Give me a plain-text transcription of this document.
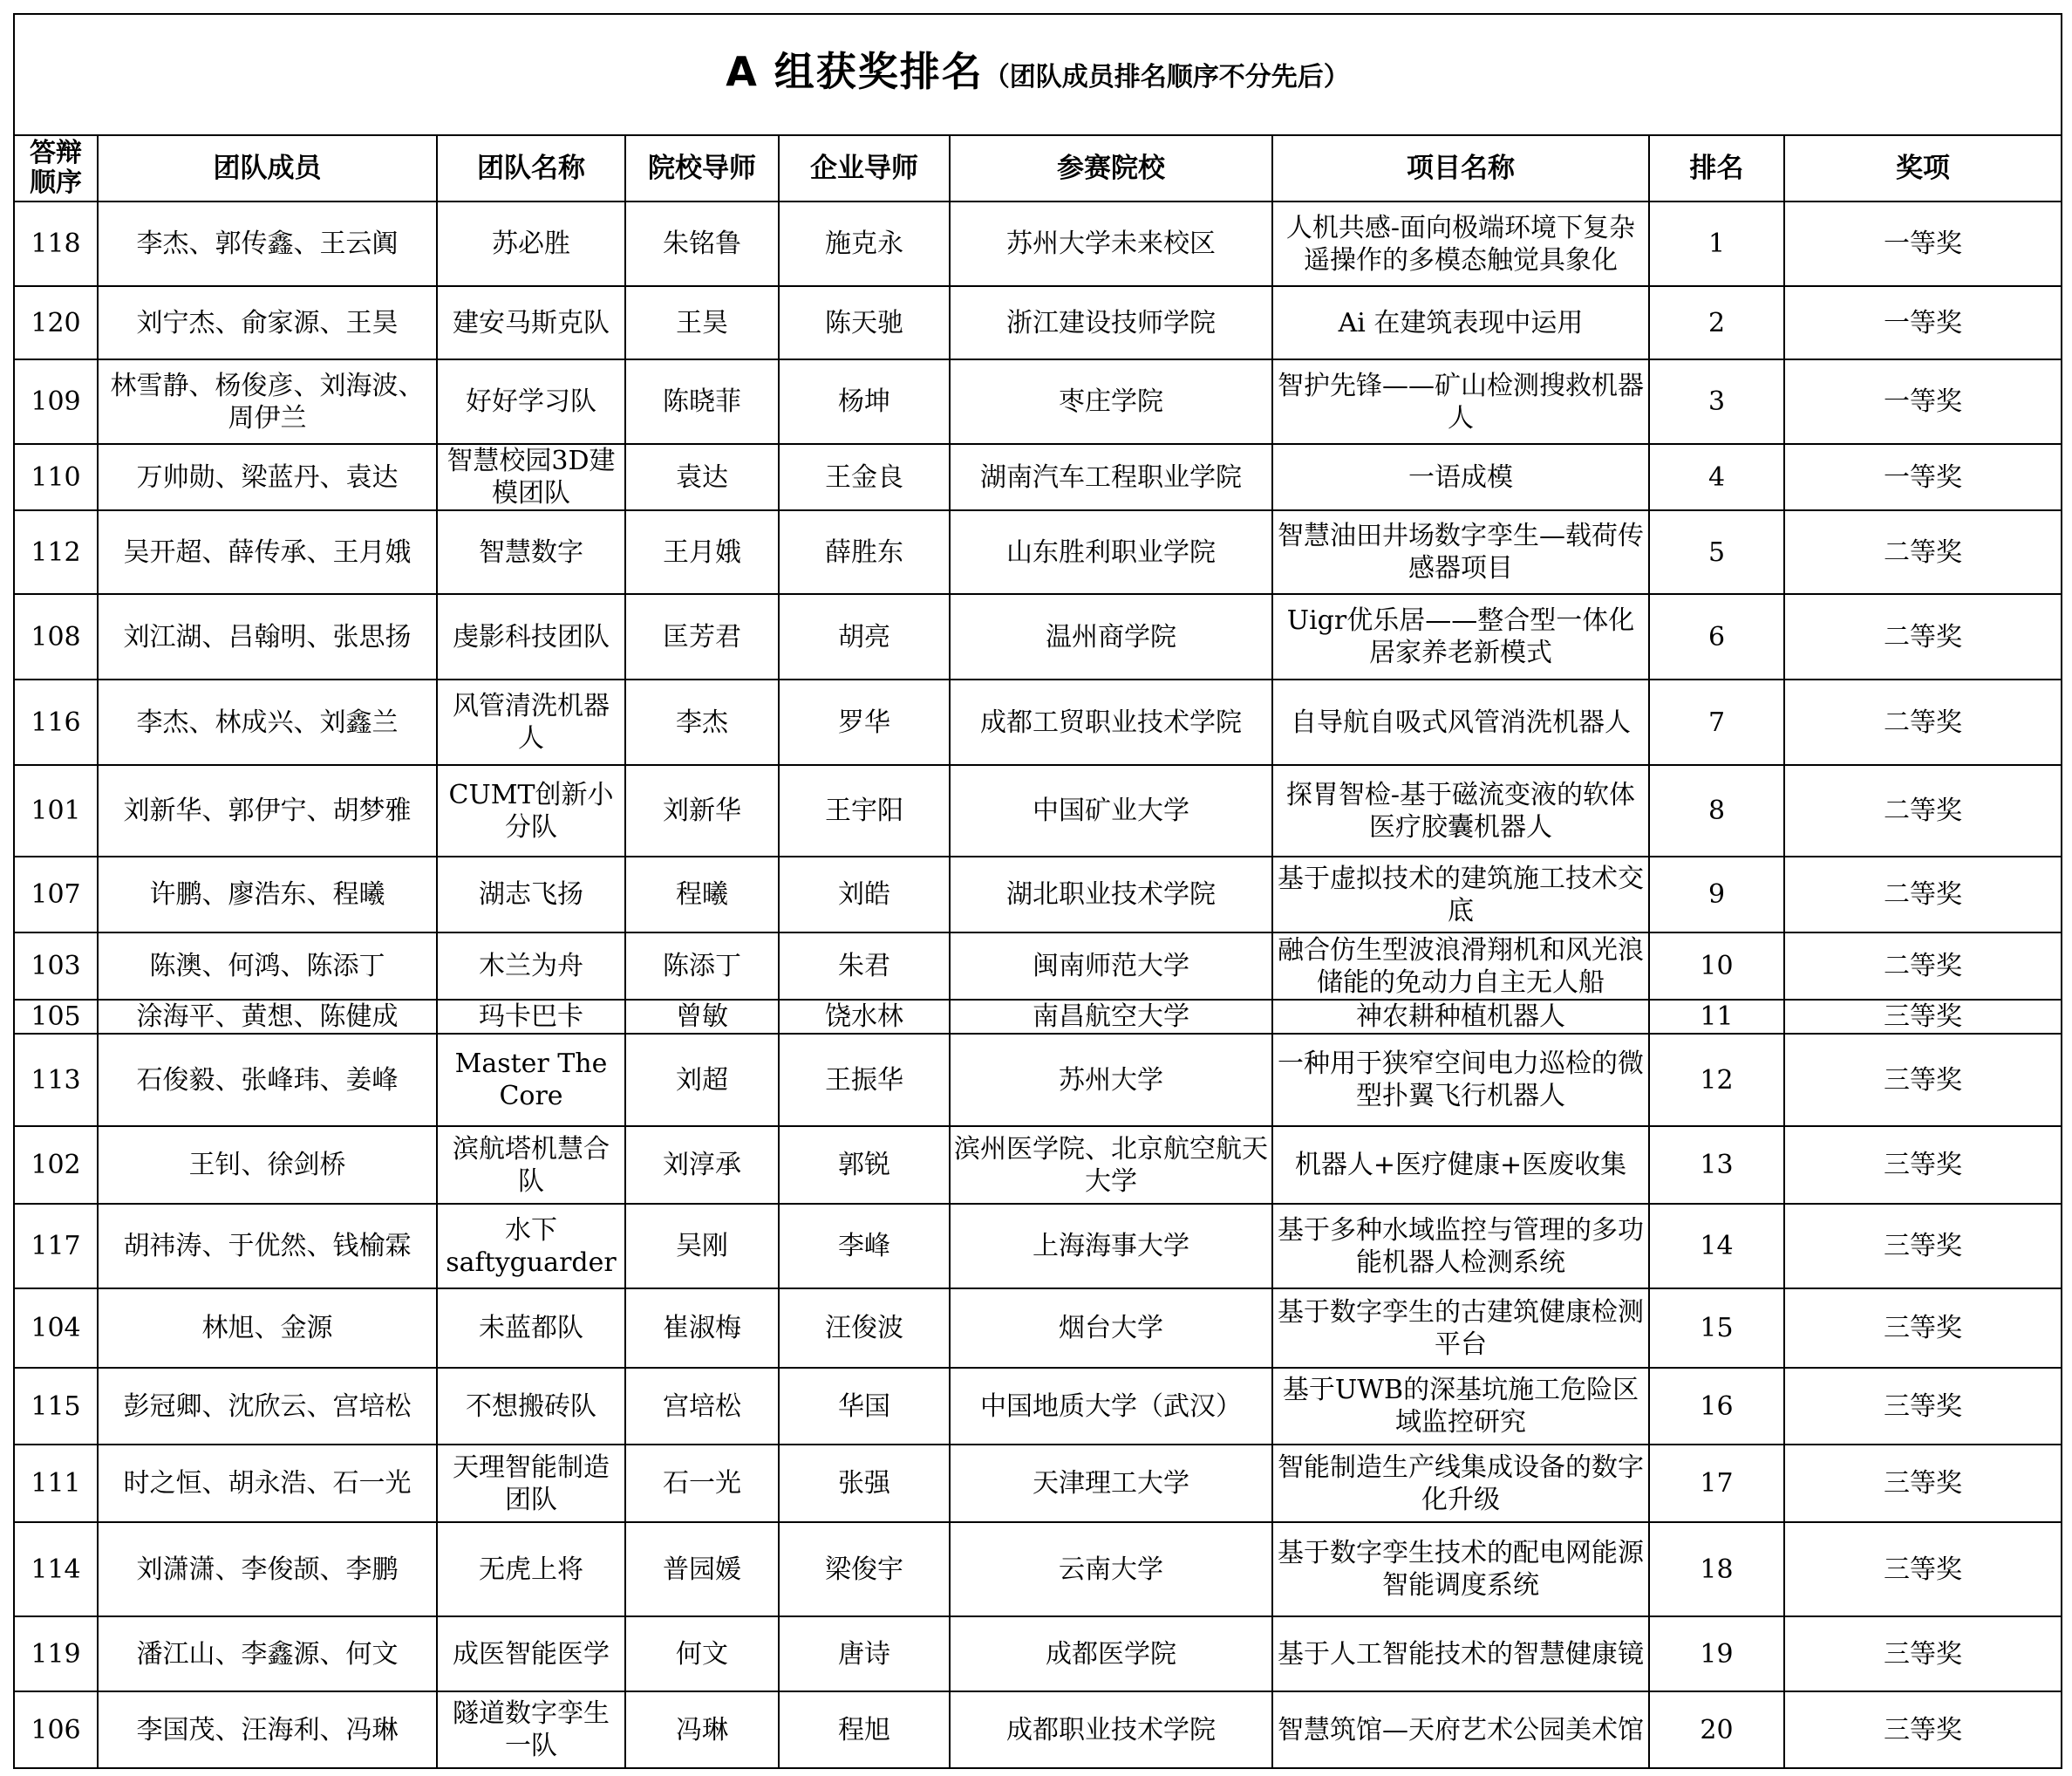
A 组获奖排名（团队成员排名顺序不分先后）								
答辩顺序	团队成员	团队名称	院校导师	企业导师	参赛院校	项目名称	排名	奖项
118	李杰、郭传鑫、王云阗	苏必胜	朱铭鲁	施克永	苏州大学未来校区	人机共感-面向极端环境下复杂遥操作的多模态触觉具象化	1	一等奖
120	刘宁杰、俞家源、王昊	建安马斯克队	王昊	陈天驰	浙江建设技师学院	Ai 在建筑表现中运用	2	一等奖
109	林雪静、杨俊彦、刘海波、周伊兰	好好学习队	陈晓菲	杨坤	枣庄学院	智护先锋——矿山检测搜救机器人	3	一等奖
110	万帅勋、梁蓝丹、袁达	智慧校园3D建模团队	袁达	王金良	湖南汽车工程职业学院	一语成模	4	一等奖
112	吴开超、薛传承、王月娥	智慧数字	王月娥	薛胜东	山东胜利职业学院	智慧油田井场数字孪生—载荷传感器项目	5	二等奖
108	刘江湖、吕翰明、张思扬	虔影科技团队	匡芳君	胡亮	温州商学院	Uigr优乐居——整合型一体化居家养老新模式	6	二等奖
116	李杰、林成兴、刘鑫兰	风管清洗机器人	李杰	罗华	成都工贸职业技术学院	自导航自吸式风管消洗机器人	7	二等奖
101	刘新华、郭伊宁、胡梦雅	CUMT创新小分队	刘新华	王宇阳	中国矿业大学	探胃智检-基于磁流变液的软体医疗胶囊机器人	8	二等奖
107	许鹏、廖浩东、程曦	湖志飞扬	程曦	刘皓	湖北职业技术学院	基于虚拟技术的建筑施工技术交底	9	二等奖
103	陈澳、何鸿、陈添丁	木兰为舟	陈添丁	朱君	闽南师范大学	融合仿生型波浪滑翔机和风光浪储能的免动力自主无人船	10	二等奖
105	涂海平、黄想、陈健成	玛卡巴卡	曾敏	饶水林	南昌航空大学	神农耕种植机器人	11	三等奖
113	石俊毅、张峰玮、姜峰	Master The Core	刘超	王振华	苏州大学	一种用于狭窄空间电力巡检的微型扑翼飞行机器人	12	三等奖
102	王钊、徐剑桥	滨航塔机慧合队	刘淳承	郭锐	滨州医学院、北京航空航天大学	机器人+医疗健康+医废收集	13	三等奖
117	胡祎涛、于优然、钱榆霖	水下saftyguarder	吴刚	李峰	上海海事大学	基于多种水域监控与管理的多功能机器人检测系统	14	三等奖
104	林旭、金源	未蓝都队	崔淑梅	汪俊波	烟台大学	基于数字孪生的古建筑健康检测平台	15	三等奖
115	彭冠卿、沈欣云、宫培松	不想搬砖队	宫培松	华国	中国地质大学（武汉）	基于UWB的深基坑施工危险区域监控研究	16	三等奖
111	时之恒、胡永浩、石一光	天理智能制造团队	石一光	张强	天津理工大学	智能制造生产线集成设备的数字化升级	17	三等奖
114	刘潇潇、李俊颉、李鹏	无虎上将	普园媛	梁俊宇	云南大学	基于数字孪生技术的配电网能源智能调度系统	18	三等奖
119	潘江山、李鑫源、何文	成医智能医学	何文	唐诗	成都医学院	基于人工智能技术的智慧健康镜	19	三等奖
106	李国茂、汪海利、冯琳	隧道数字孪生一队	冯琳	程旭	成都职业技术学院	智慧筑馆—天府艺术公园美术馆	20	三等奖
